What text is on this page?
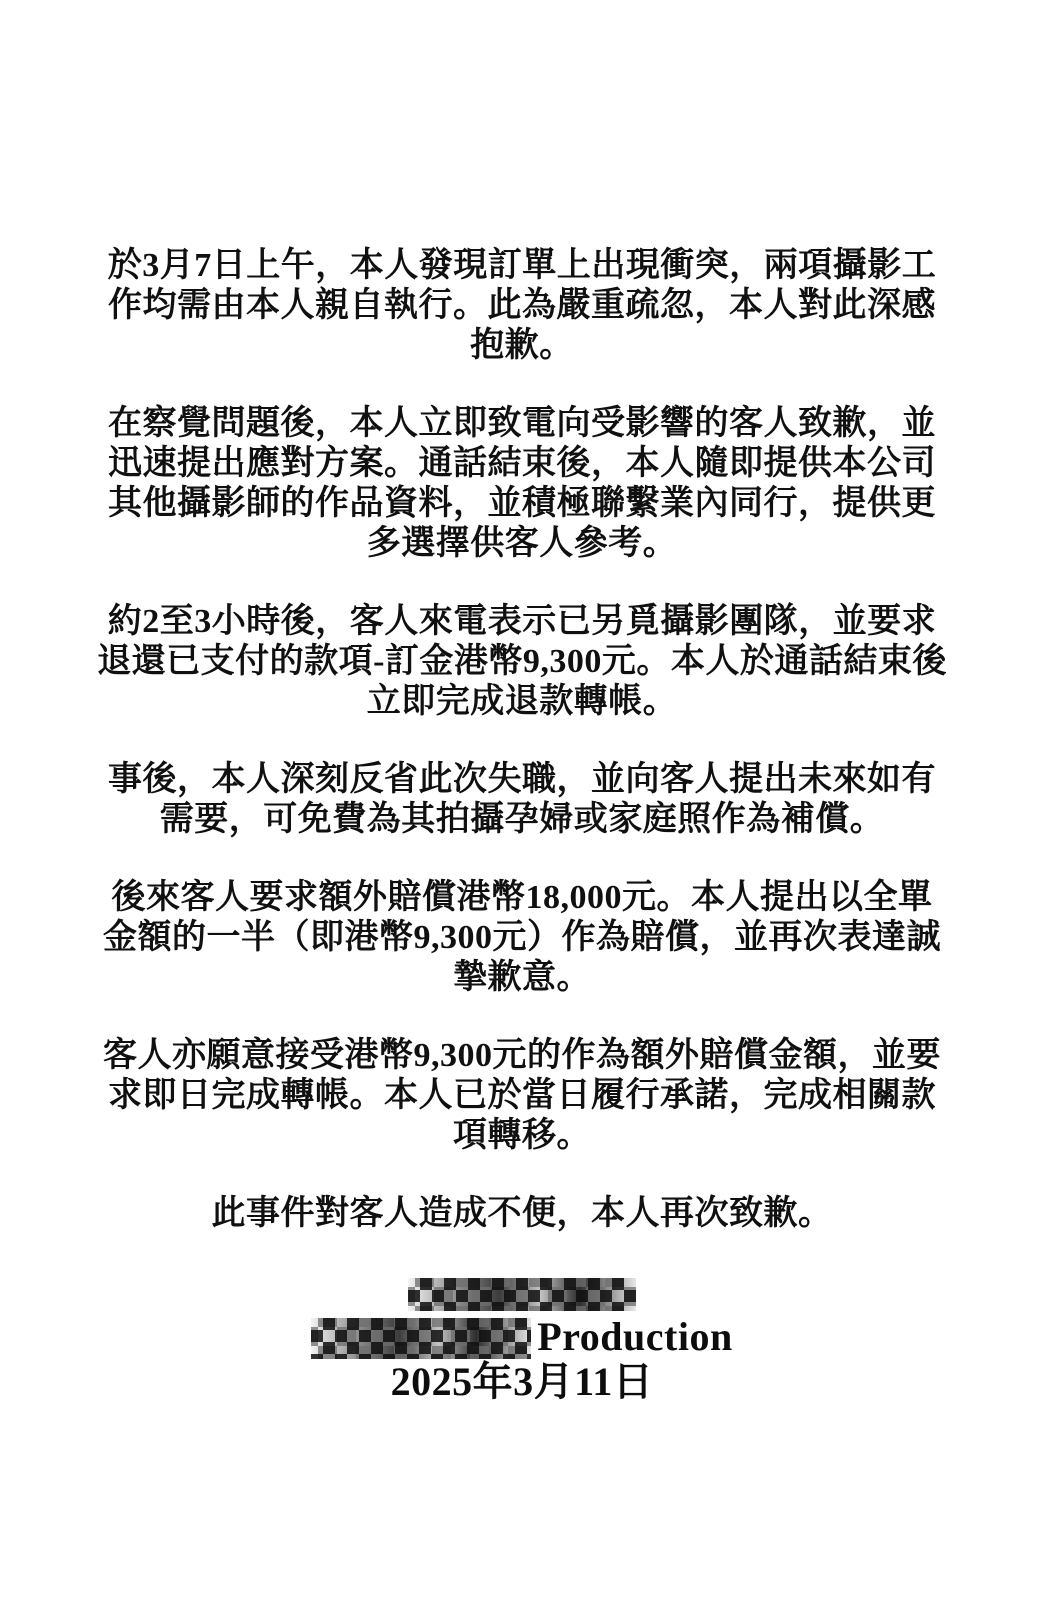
於3月7日上午，本人發現訂單上出現衝突，兩項攝影工作均需由本人親自執行。此為嚴重疏忽，本人對此深感抱歉。

在察覺問題後，本人立即致電向受影響的客人致歉，並迅速提出應對方案。通話結束後，本人隨即提供本公司其他攝影師的作品資料，並積極聯繫業內同行，提供更多選擇供客人參考。

約2至3小時後，客人來電表示已另覓攝影團隊，並要求退還已支付的款項-訂金港幣9,300元。本人於通話結束後立即完成退款轉帳。

事後，本人深刻反省此次失職，並向客人提出未來如有需要，可免費為其拍攝孕婦或家庭照作為補償。

後來客人要求額外賠償港幣18,000元。本人提出以全單金額的一半（即港幣9,300元）作為賠償，並再次表達誠摯歉意。

客人亦願意接受港幣9,300元的作為額外賠償金額，並要求即日完成轉帳。本人已於當日履行承諾，完成相關款項轉移。

此事件對客人造成不便，本人再次致歉。

Production
2025年3月11日
